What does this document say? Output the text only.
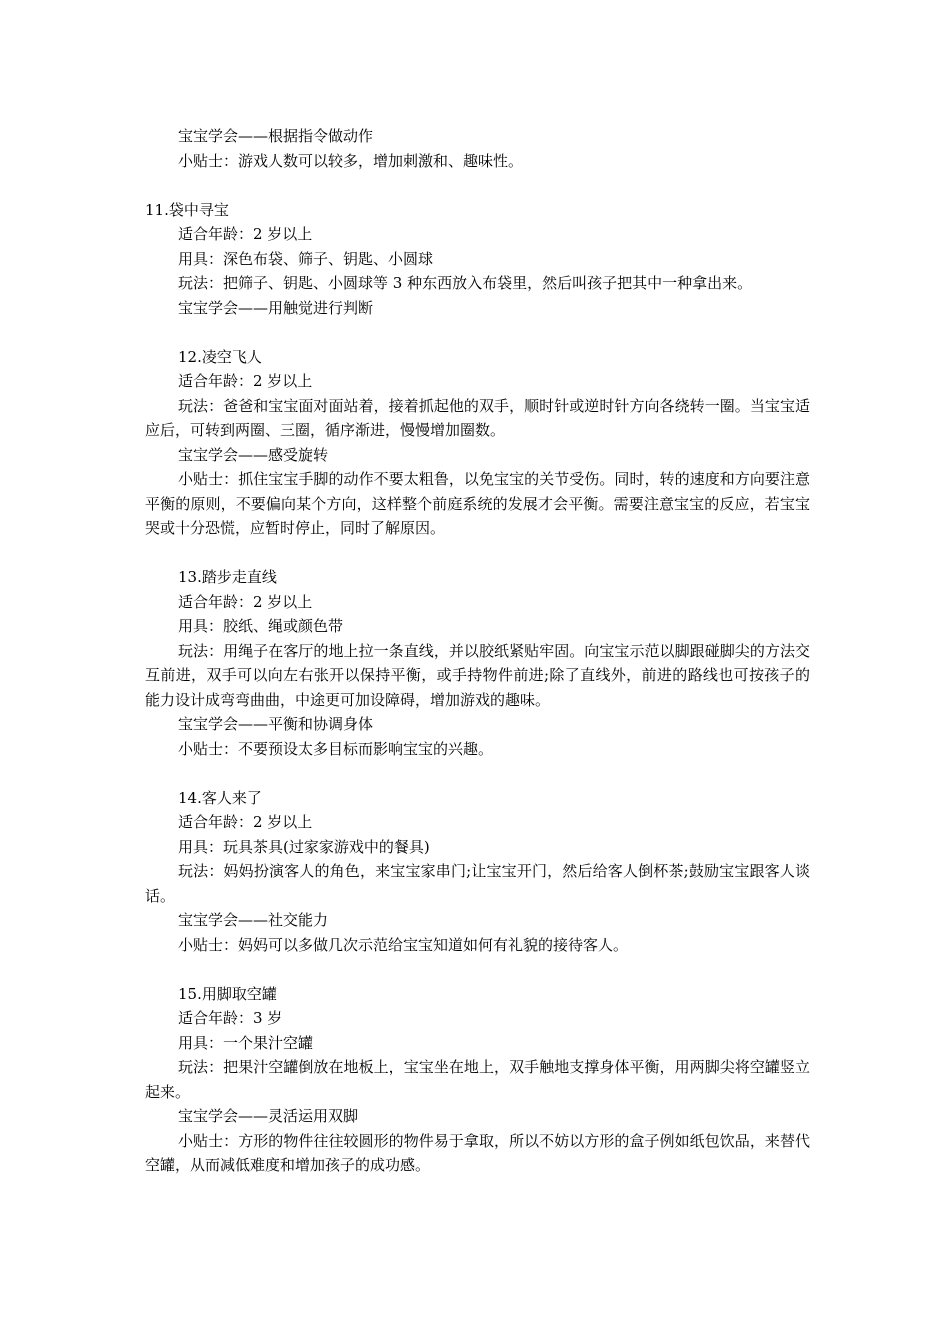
宝宝学会——根据指令做动作

小贴士：游戏人数可以较多，增加刺激和、趣味性。

11.袋中寻宝

适合年龄：2 岁以上

用具：深色布袋、筛子、钥匙、小圆球

玩法：把筛子、钥匙、小圆球等 3 种东西放入布袋里，然后叫孩子把其中一种拿出来。

宝宝学会——用触觉进行判断

12.凌空飞人

适合年龄：2 岁以上

玩法：爸爸和宝宝面对面站着，接着抓起他的双手，顺时针或逆时针方向各绕转一圈。当宝宝适应后，可转到两圈、三圈，循序渐进，慢慢增加圈数。

宝宝学会——感受旋转

小贴士：抓住宝宝手脚的动作不要太粗鲁，以免宝宝的关节受伤。同时，转的速度和方向要注意平衡的原则，不要偏向某个方向，这样整个前庭系统的发展才会平衡。需要注意宝宝的反应，若宝宝哭或十分恐慌，应暂时停止，同时了解原因。

13.踏步走直线

适合年龄：2 岁以上

用具：胶纸、绳或颜色带

玩法：用绳子在客厅的地上拉一条直线，并以胶纸紧贴牢固。向宝宝示范以脚跟碰脚尖的方法交互前进，双手可以向左右张开以保持平衡，或手持物件前进;除了直线外，前进的路线也可按孩子的能力设计成弯弯曲曲，中途更可加设障碍，增加游戏的趣味。

宝宝学会——平衡和协调身体

小贴士：不要预设太多目标而影响宝宝的兴趣。

14.客人来了

适合年龄：2 岁以上

用具：玩具茶具(过家家游戏中的餐具)

玩法：妈妈扮演客人的角色，来宝宝家串门;让宝宝开门，然后给客人倒杯茶;鼓励宝宝跟客人谈话。

宝宝学会——社交能力

小贴士：妈妈可以多做几次示范给宝宝知道如何有礼貌的接待客人。

15.用脚取空罐

适合年龄：3 岁

用具：一个果汁空罐

玩法：把果汁空罐倒放在地板上，宝宝坐在地上，双手触地支撑身体平衡，用两脚尖将空罐竖立起来。

宝宝学会——灵活运用双脚

小贴士：方形的物件往往较圆形的物件易于拿取，所以不妨以方形的盒子例如纸包饮品，来替代空罐，从而减低难度和增加孩子的成功感。
